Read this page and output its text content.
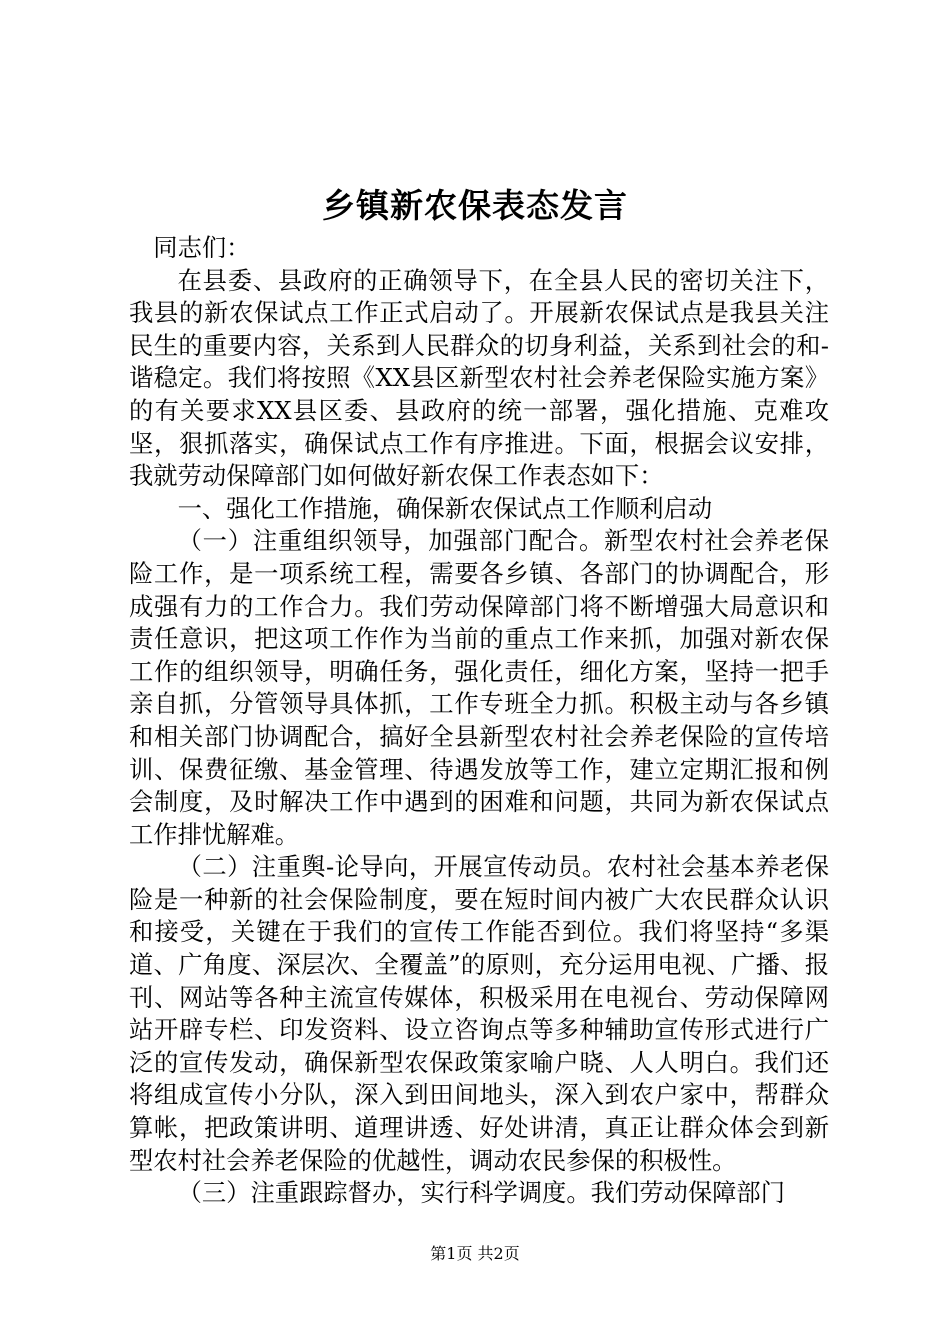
乡镇新农保表态发言

同志们：

在县委、县政府的正确领导下，在全县人民的密切关注下，我县的新农保试点工作正式启动了。开展新农保试点是我县关注民生的重要内容，关系到人民群众的切身利益，关系到社会的和-谐稳定。我们将按照《XX县区新型农村社会养老保险实施方案》的有关要求XX县区委、县政府的统一部署，强化措施、克难攻坚，狠抓落实，确保试点工作有序推进。下面，根据会议安排，我就劳动保障部门如何做好新农保工作表态如下：

一、强化工作措施，确保新农保试点工作顺利启动

（一）注重组织领导，加强部门配合。新型农村社会养老保险工作，是一项系统工程，需要各乡镇、各部门的协调配合，形成强有力的工作合力。我们劳动保障部门将不断增强大局意识和责任意识，把这项工作作为当前的重点工作来抓，加强对新农保工作的组织领导，明确任务，强化责任，细化方案，坚持一把手亲自抓，分管领导具体抓，工作专班全力抓。积极主动与各乡镇和相关部门协调配合，搞好全县新型农村社会养老保险的宣传培训、保费征缴、基金管理、待遇发放等工作，建立定期汇报和例会制度，及时解决工作中遇到的困难和问题，共同为新农保试点工作排忧解难。

（二）注重舆-论导向，开展宣传动员。农村社会基本养老保险是一种新的社会保险制度，要在短时间内被广大农民群众认识和接受，关键在于我们的宣传工作能否到位。我们将坚持“多渠道、广角度、深层次、全覆盖”的原则，充分运用电视、广播、报刊、网站等各种主流宣传媒体，积极采用在电视台、劳动保障网站开辟专栏、印发资料、设立咨询点等多种辅助宣传形式进行广泛的宣传发动，确保新型农保政策家喻户晓、人人明白。我们还将组成宣传小分队，深入到田间地头，深入到农户家中，帮群众算帐，把政策讲明、道理讲透、好处讲清，真正让群众体会到新型农村社会养老保险的优越性，调动农民参保的积极性。

（三）注重跟踪督办，实行科学调度。我们劳动保障部门

第1页 共2页
